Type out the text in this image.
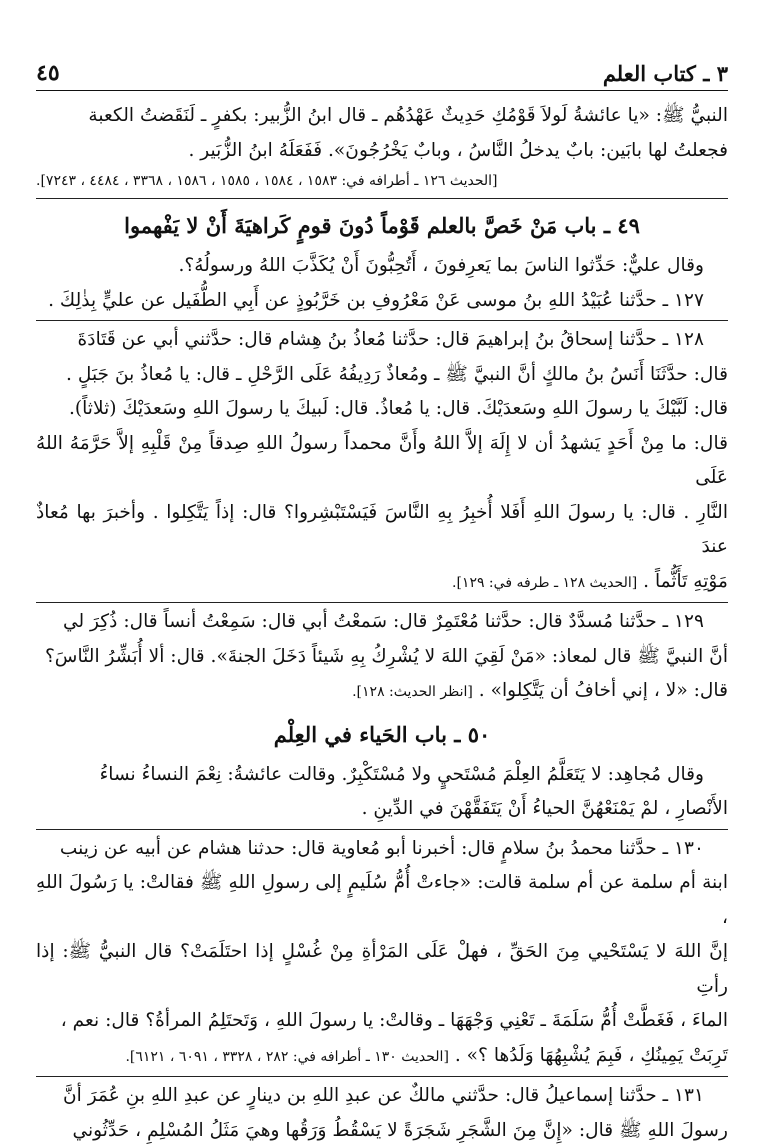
٣ ـ كتاب العلم
٤٥

النبيُّ ﷺ: «يا عائشةُ لَولاَ قَوْمُكِ حَدِيثٌ عَهْدُهُم ـ قال ابنُ الزُّبير: بكفرٍ ـ لَنَقَضتُ الكعبة

فجعلتُ لها بابَين: بابٌ يدخلُ النَّاسُ ، وبابٌ يَخْرُجُونَ». فَفَعَلَهُ ابنُ الزُّبَير .

[الحديث ١٢٦ ـ أطرافه في: ١٥٨٣ ، ١٥٨٤ ، ١٥٨٥ ، ١٥٨٦ ، ٣٣٦٨ ، ٤٤٨٤ ، ٧٢٤٣].

٤٩ ـ باب مَنْ خَصَّ بالعلم قَوْماً دُونَ قومٍ كَراهيَةَ أَنْ لا يَفْهموا

وقال عليٌّ: حَدِّثوا الناسَ بما يَعرِفونَ ، أَتُحِبُّونَ أَنْ يُكَذَّبَ اللهُ ورسولُهُ؟.

١٢٧ ـ حدَّثنا عُبَيْدُ اللهِ بنُ موسى عَنْ مَعْرُوفِ بن خَرَّبُوذٍ عن أَبِي الطُّفَيل عن عليٍّ بِذٰلِكَ .

١٢٨ ـ حدَّثنا إسحاقُ بنُ إبراهيمَ قال: حدَّثنا مُعاذُ بنُ هِشام قال: حدَّثني أبي عن قَتَادَةَ

قال: حدَّثَنَا أَنَسُ بنُ مالكٍ أنَّ النبيَّ ﷺ ـ ومُعاذٌ رَدِيفُهُ عَلَى الرَّحْلِ ـ قال: يا مُعاذُ بنَ جَبَلٍ .

قال: لَبَّيْكَ يا رسولَ اللهِ وسَعدَيْكَ. قال: يا مُعاذُ. قال: لَبيكَ يا رسولَ اللهِ وسَعدَيْكَ (ثلاثاً).

قال: ما مِنْ أَحَدٍ يَشهدُ أن لا إِلَهَ إلاَّ اللهُ وأَنَّ محمداً رسولُ اللهِ صِدقاً مِنْ قَلْبِهِ إلاَّ حَرَّمَهُ اللهُ عَلَى

النَّارِ . قال: يا رسولَ اللهِ أَفَلا أُخبِرُ بِهِ النَّاسَ فَيَسْتَبْشِروا؟ قال: إذاً يَتَّكِلوا . وأخبرَ بها مُعاذٌ عندَ

مَوْتِهِ تَأَثُّماً . [الحديث ١٢٨ ـ طرفه في: ١٢٩].

١٢٩ ـ حدَّثنا مُسدَّدٌ قال: حدَّثنا مُعْتَمِرٌ قال: سَمعْتُ أبي قال: سَمِعْتُ أنساً قال: ذُكِرَ لي

أنَّ النبيَّ ﷺ قال لمعاذ: «مَنْ لَقِيَ اللهَ لا يُشْرِكُ بِهِ شَيئاً دَخَلَ الجنةَ». قال: ألا أُبَشِّرُ النَّاسَ؟

قال: «لا ، إني أخافُ أن يَتَّكِلوا» . [انظر الحديث: ١٢٨].

٥٠ ـ باب الحَياء في العِلْم

وقال مُجاهِد: لا يَتَعَلَّمُ العِلْمَ مُسْتَحيٍ ولا مُسْتَكْبِرٌ. وقالت عائشةُ: نِعْمَ النساءُ نساءُ

الأَنْصارِ ، لمْ يَمْنَعْهُنَّ الحياءُ أَنْ يَتَفَقَّهْنَ في الدِّينِ .

١٣٠ ـ حدَّثنا محمدُ بنُ سلامٍ قال: أخبرنا أبو مُعاوية قال: حدثنا هشام عن أبيه عن زينب

ابنة أم سلمة عن أم سلمة قالت: «جاءتْ أُمُّ سُلَيمٍ إلى رسولِ اللهِ ﷺ فقالتْ: يا رَسُولَ اللهِ ،

إنَّ اللهَ لا يَسْتَحْيي مِنَ الحَقِّ ، فهلْ عَلَى المَرْأةِ مِنْ غُسْلٍ إذا احتَلَمَتْ؟ قال النبيُّ ﷺ: إذا رأتِ

الماءَ ، فَغَطَّتْ أُمُّ سَلَمَةَ ـ تَعْنِي وَجْهَهَا ـ وقالتْ: يا رسولَ اللهِ ، وَتَحتَلِمُ المرأةُ؟ قال: نعم ،

تَرِبَتْ يَمِينُكِ ، فَبِمَ يُشْبِهُهَا وَلَدُها ؟» . [الحديث ١٣٠ ـ أطرافه في: ٢٨٢ ، ٣٣٢٨ ، ٦٠٩١ ، ٦١٢١].

١٣١ ـ حدَّثنا إسماعيلُ قال: حدَّثني مالكٌ عن عبدِ اللهِ بن دينارٍ عن عبدِ اللهِ بنِ عُمَرَ أنَّ

رسولَ اللهِ ﷺ قال: «إِنَّ مِنَ الشَّجَرِ شَجَرَةً لا يَسْقُطُ وَرَقُها وهيَ مَثَلُ المُسْلِمِ ، حَدِّثُوني
